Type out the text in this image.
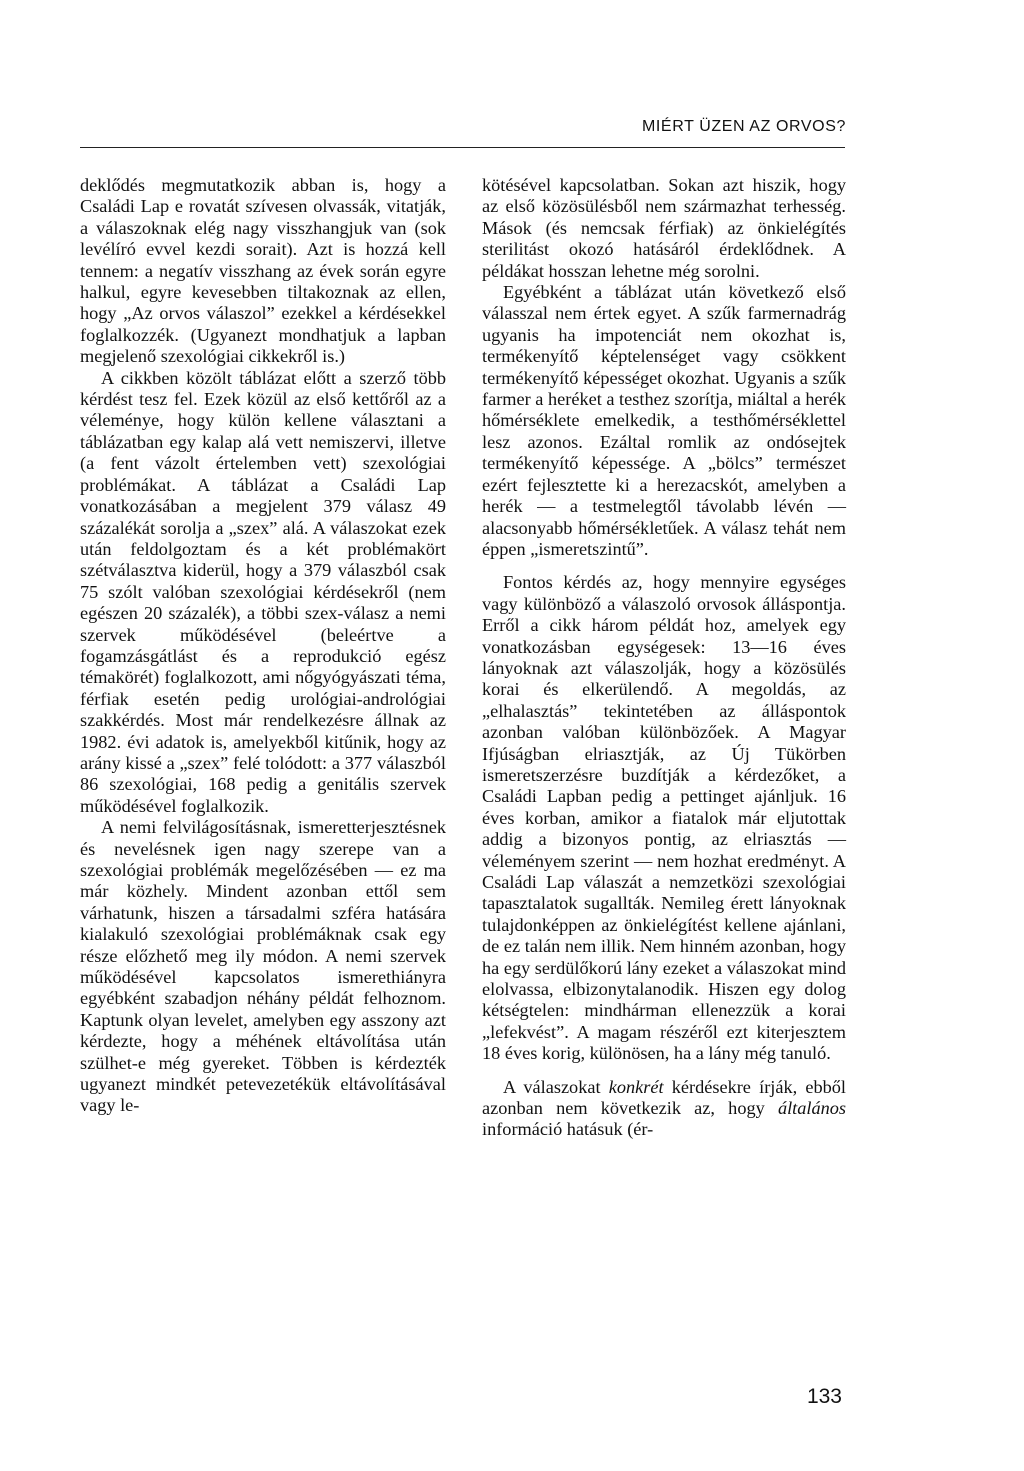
MIÉRT ÜZEN AZ ORVOS?

deklődés megmutatkozik abban is, hogy a Családi Lap e rovatát szívesen olvassák, vitatják, a válaszoknak elég nagy visszhangjuk van (sok levélíró evvel kezdi sorait). Azt is hozzá kell tennem: a negatív visszhang az évek során egyre halkul, egyre kevesebben tiltakoznak az ellen, hogy „Az orvos válaszol” ezekkel a kérdésekkel foglalkozzék. (Ugyanezt mondhatjuk a lapban megjelenő szexológiai cikkekről is.)

A cikkben közölt táblázat előtt a szerző több kérdést tesz fel. Ezek közül az első kettőről az a véleménye, hogy külön kellene választani a táblázatban egy kalap alá vett nemiszervi, illetve (a fent vázolt értelemben vett) szexológiai problémákat. A táblázat a Családi Lap vonatkozásában a megjelent 379 válasz 49 százalékát sorolja a „szex” alá. A válaszokat ezek után feldolgoztam és a két problémakört szétválasztva kiderül, hogy a 379 válaszból csak 75 szólt valóban szexológiai kérdésekről (nem egészen 20 százalék), a többi szex-válasz a nemi szervek működésével (beleértve a fogamzásgátlást és a reprodukció egész témakörét) foglalkozott, ami nőgyógyászati téma, férfiak esetén pedig urológiai-andrológiai szakkérdés. Most már rendelkezésre állnak az 1982. évi adatok is, amelyekből kitűnik, hogy az arány kissé a „szex” felé tolódott: a 377 válaszból 86 szexológiai, 168 pedig a genitális szervek működésével foglalkozik.

A nemi felvilágosításnak, ismeretterjesztésnek és nevelésnek igen nagy szerepe van a szexológiai problémák megelőzésében — ez ma már közhely. Mindent azonban ettől sem várhatunk, hiszen a társadalmi szféra hatására kialakuló szexológiai problémáknak csak egy része előzhető meg ily módon. A nemi szervek működésével kapcsolatos ismerethiányra egyébként szabadjon néhány példát felhoznom. Kaptunk olyan levelet, amelyben egy asszony azt kérdezte, hogy a méhének eltávolítása után szülhet-e még gyereket. Többen is kérdezték ugyanezt mindkét petevezetékük eltávolításával vagy le-

kötésével kapcsolatban. Sokan azt hiszik, hogy az első közösülésből nem származhat terhesség. Mások (és nemcsak férfiak) az önkielégítés sterilitást okozó hatásáról érdeklődnek. A példákat hosszan lehetne még sorolni.

Egyébként a táblázat után következő első válasszal nem értek egyet. A szűk farmernadrág ugyanis ha impotenciát nem okozhat is, termékenyítő képtelenséget vagy csökkent termékenyítő képességet okozhat. Ugyanis a szűk farmer a heréket a testhez szorítja, miáltal a herék hőmérséklete emelkedik, a testhőmérséklettel lesz azonos. Ezáltal romlik az ondósejtek termékenyítő képessége. A „bölcs” természet ezért fejlesztette ki a herezacskót, amelyben a herék — a testmelegtől távolabb lévén — alacsonyabb hőmérsékletűek. A válasz tehát nem éppen „ismeretszintű”.

Fontos kérdés az, hogy mennyire egységes vagy különböző a válaszoló orvosok álláspontja. Erről a cikk három példát hoz, amelyek egy vonatkozásban egységesek: 13—16 éves lányoknak azt válaszolják, hogy a közösülés korai és elkerülendő. A megoldás, az „elhalasztás” tekintetében az álláspontok azonban valóban különbözőek. A Magyar Ifjúságban elriasztják, az Új Tükörben ismeretszerzésre buzdítják a kérdezőket, a Családi Lapban pedig a pettinget ajánljuk. 16 éves korban, amikor a fiatalok már eljutottak addig a bizonyos pontig, az elriasztás — véleményem szerint — nem hozhat eredményt. A Családi Lap válaszát a nemzetközi szexológiai tapasztalatok sugallták. Nemileg érett lányoknak tulajdonképpen az önkielégítést kellene ajánlani, de ez talán nem illik. Nem hinném azonban, hogy ha egy serdülőkorú lány ezeket a válaszokat mind elolvassa, elbizonytalanodik. Hiszen egy dolog kétségtelen: mindhárman ellenezzük a korai „lefekvést”. A magam részéről ezt kiterjesztem 18 éves korig, különösen, ha a lány még tanuló.

A válaszokat konkrét kérdésekre írják, ebből azonban nem következik az, hogy általános információ hatásuk (ér-

133
